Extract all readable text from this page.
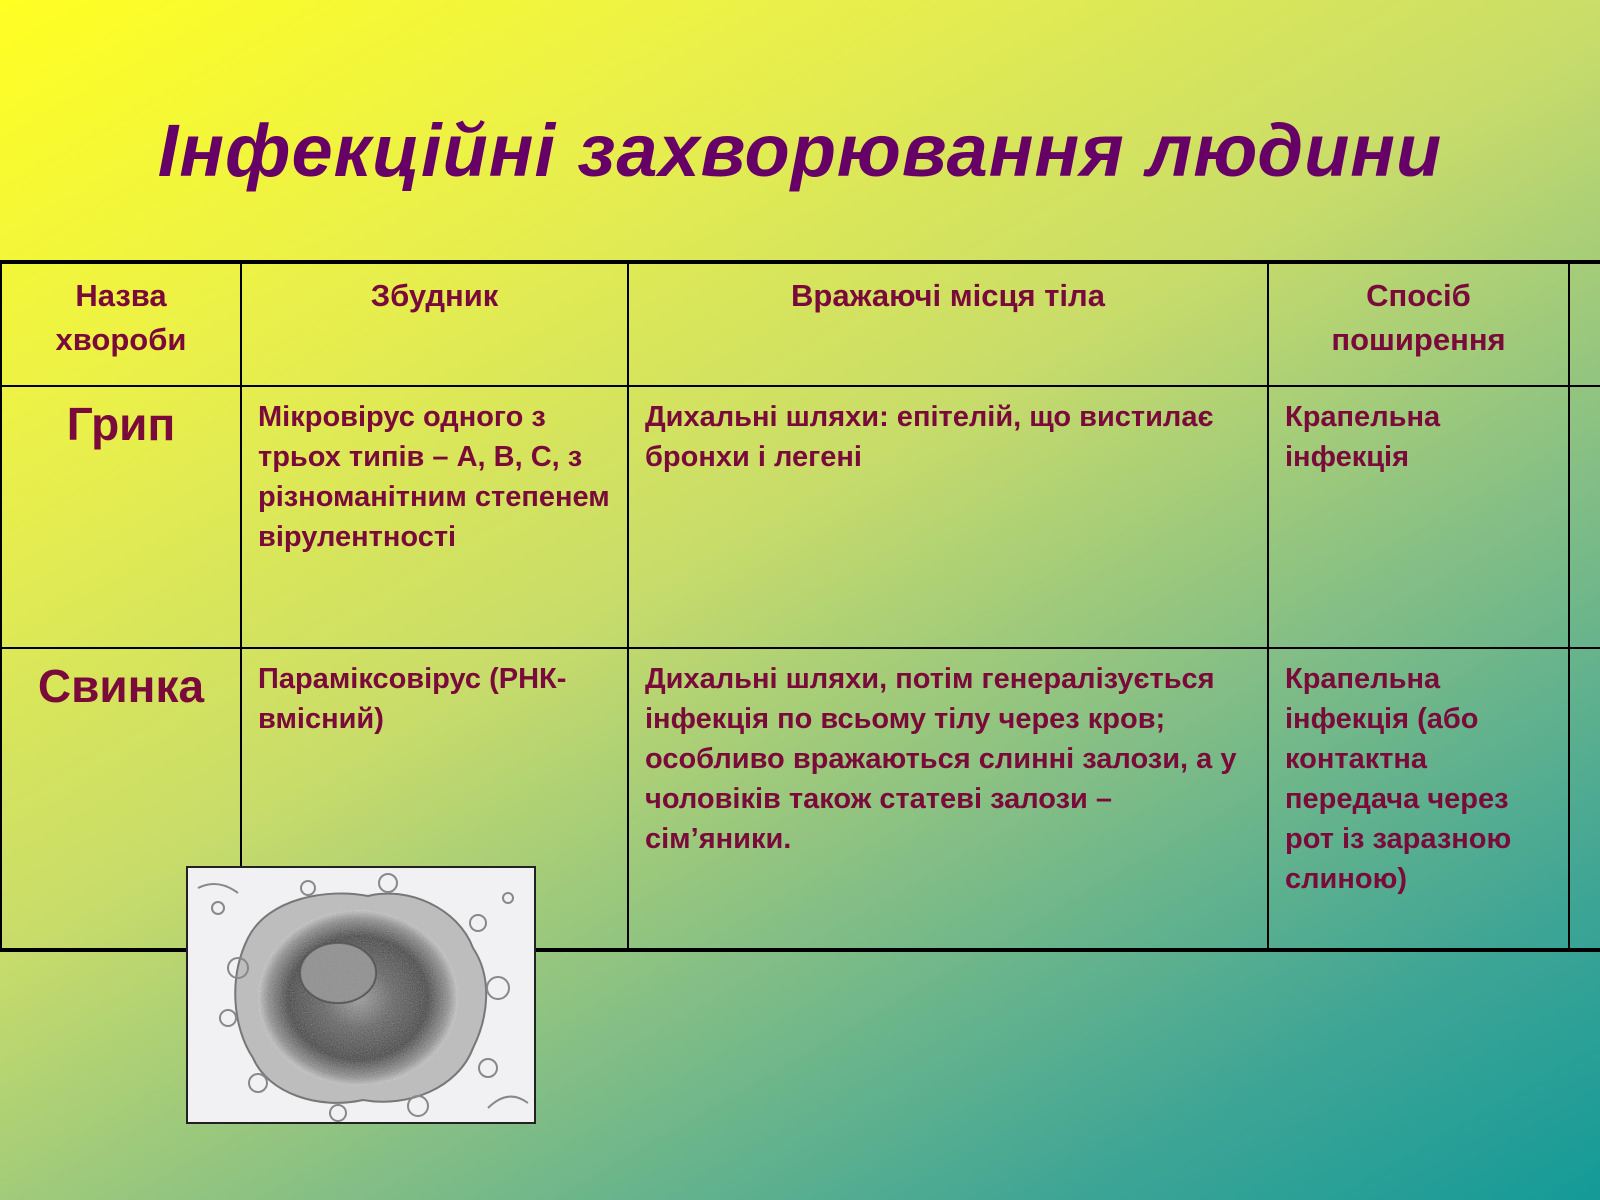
Інфекційні захворювання людини
Назва хвороби	Збудник	Вражаючі місця тіла	Спосіб поширення	

Грип	Мікровірус одного з трьох типів – А, В, С, з різноманітним степенем вірулентності	Дихальні шляхи: епітелій, що вистилає бронхи і легені	Крапельна інфекція	
Свинка	Параміксовірус (РНК-вмісний)	Дихальні шляхи, потім генералізується інфекція по всьому тілу через кров; особливо вражаються слинні залози, а у чоловіків також статеві залози – сім’яники.	Крапельна інфекція (або контактна передача через рот із заразною слиною)	
